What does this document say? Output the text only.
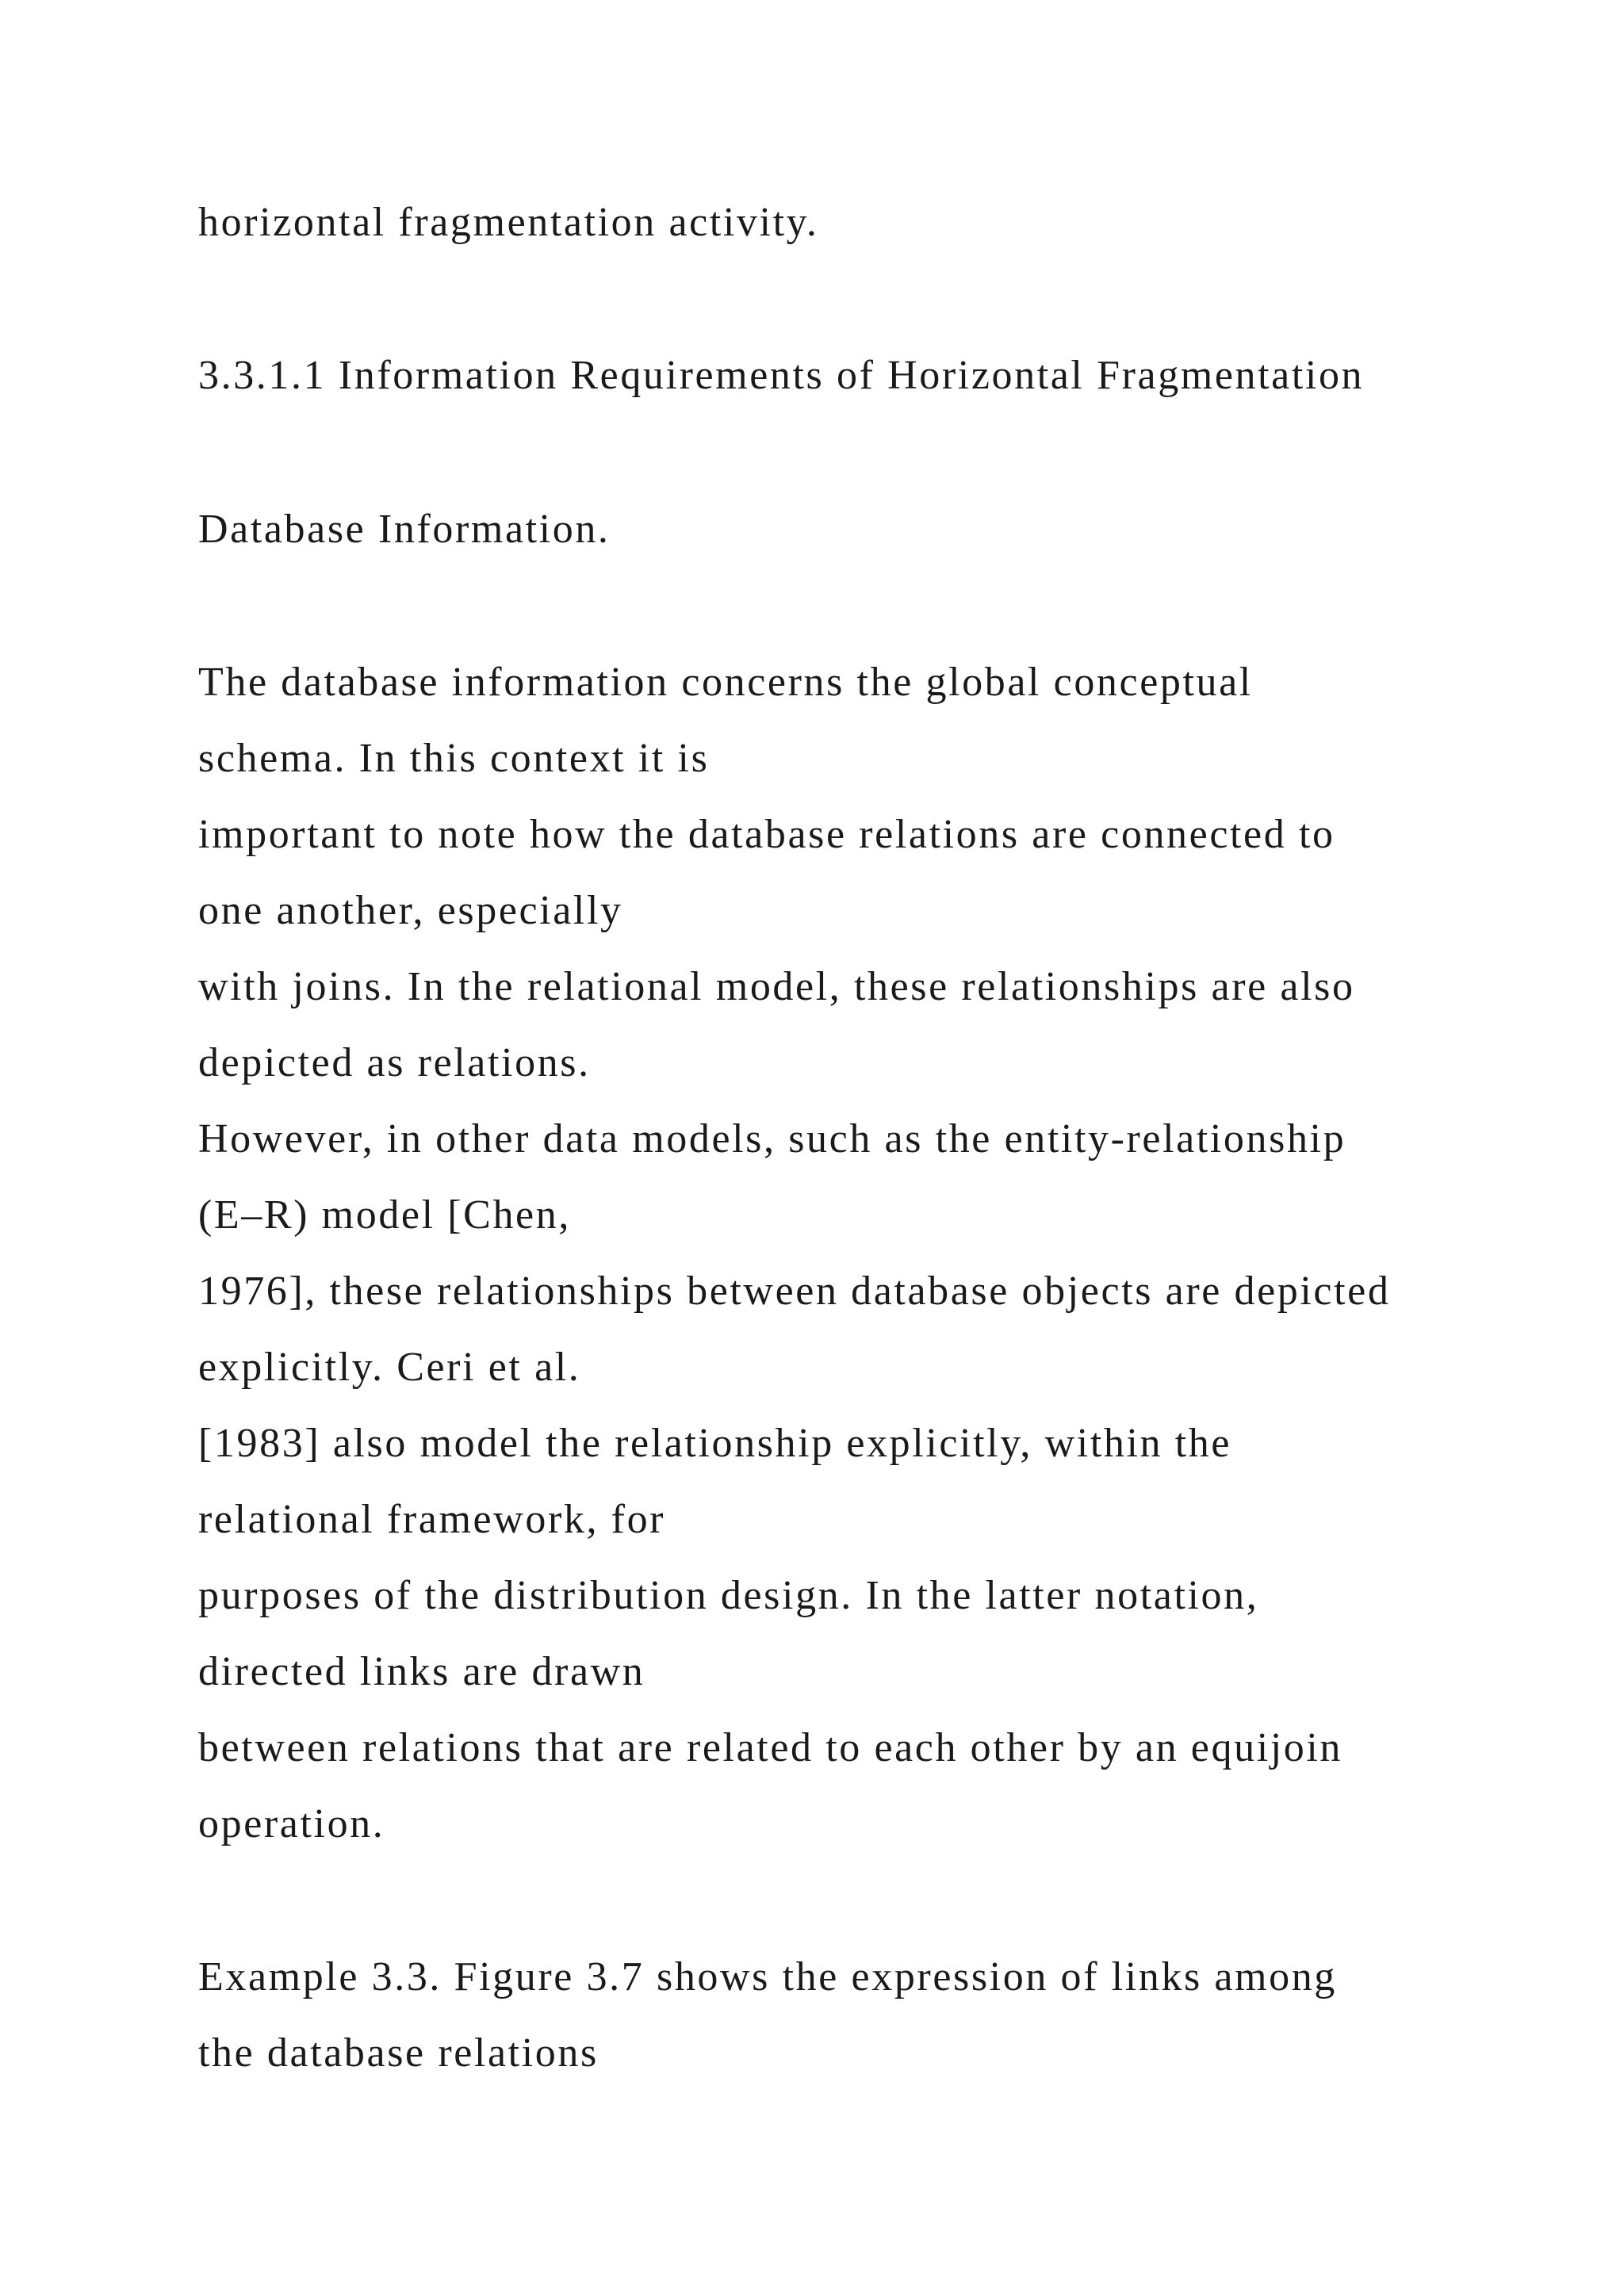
horizontal fragmentation activity.

3.3.1.1 Information Requirements of Horizontal Fragmentation

Database Information.

The database information concerns the global conceptual

schema. In this context it is

important to note how the database relations are connected to

one another, especially

with joins. In the relational model, these relationships are also

depicted as relations.

However, in other data models, such as the entity-relationship

(E–R) model [Chen,

1976], these relationships between database objects are depicted

explicitly. Ceri et al.

[1983] also model the relationship explicitly, within the

relational framework, for

purposes of the distribution design. In the latter notation,

directed links are drawn

between relations that are related to each other by an equijoin

operation.

Example 3.3. Figure 3.7 shows the expression of links among

the database relations
